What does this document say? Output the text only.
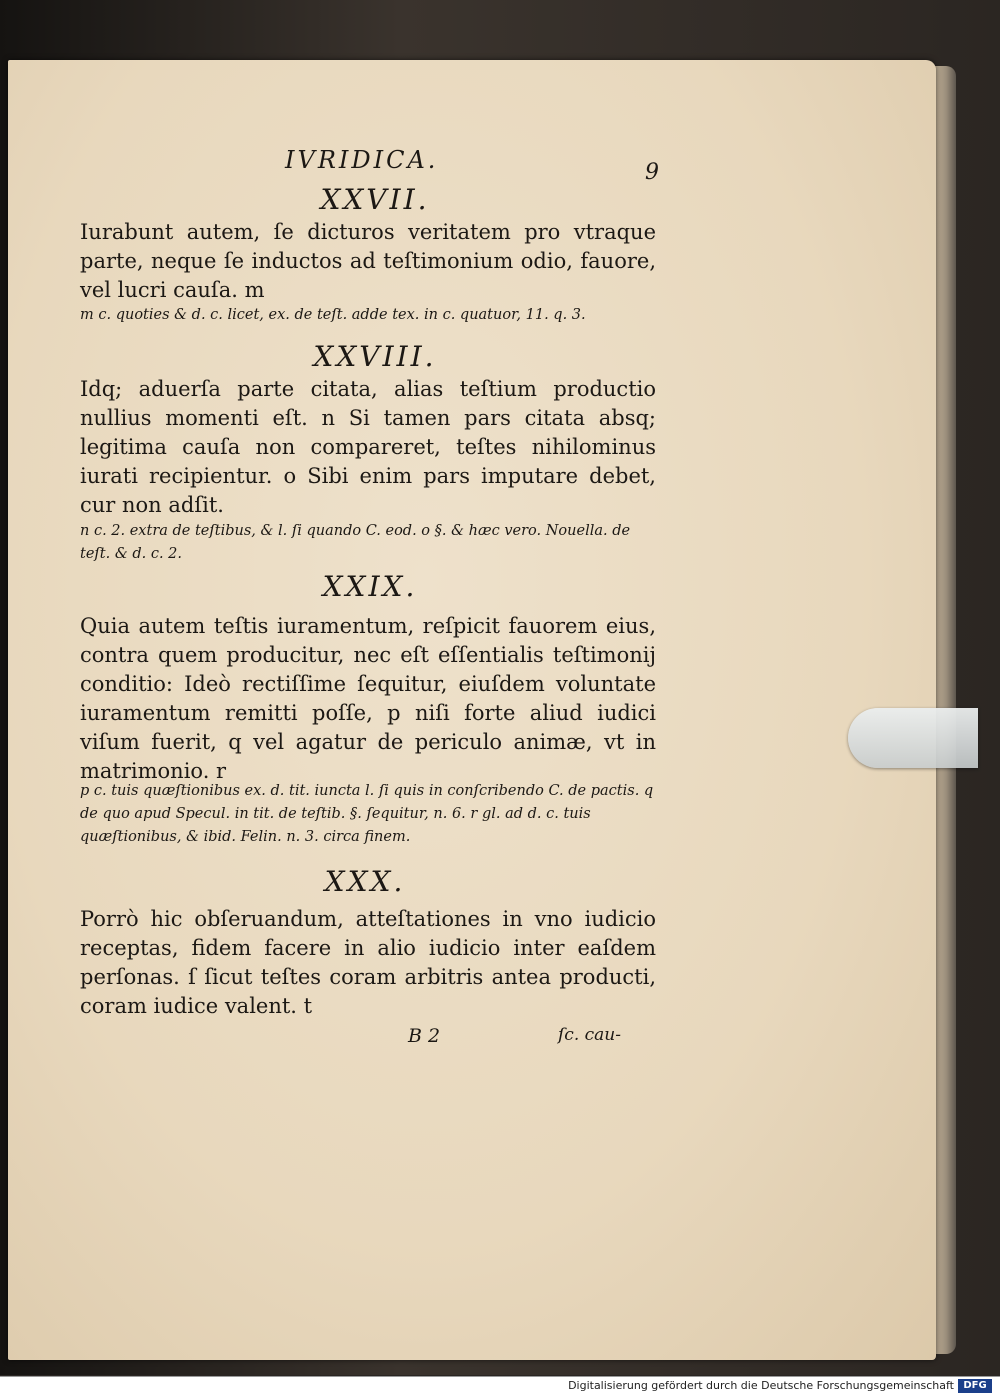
IVRIDICA.	9
XXVII.

Iurabunt autem, ſe dicturos veritatem pro vtraque parte, neque ſe inductos ad teſtimonium odio, fauore, vel lucri cauſa. m

m c. quoties & d. c. licet, ex. de teſt. adde tex. in c. quatuor, 11. q. 3.

XXVIII.

Idq; aduerſa parte citata, alias teſtium productio nullius momenti eſt. n Si tamen pars citata absq; legitima cauſa non compareret, teſtes nihilominus iurati recipientur. o Sibi enim pars imputare debet, cur non adſit.

n c. 2. extra de teſtibus, & l. ſi quando C. eod. o §. & hæc vero. Nouella. de teſt. & d. c. 2.

XXIX.

Quia autem teſtis iuramentum, reſpicit fauorem eius, contra quem producitur, nec eſt eſſentialis teſtimonij conditio: Ideò rectiſſime ſequitur, eiuſdem voluntate iuramentum remitti poſſe, p niſi forte aliud iudici viſum fuerit, q vel agatur de periculo animæ, vt in matrimonio. r

p c. tuis quæſtionibus ex. d. tit. iuncta l. ſi quis in conſcribendo C. de pactis. q de quo apud Specul. in tit. de teſtib. §. ſequitur, n. 6. r gl. ad d. c. tuis quæſtionibus, & ibid. Felin. n. 3. circa finem.

XXX.

Porrò hic obſeruandum, atteſtationes in vno iudicio receptas, fidem facere in alio iudicio inter eaſdem perſonas. ſ ſicut teſtes coram arbitris antea producti, coram iudice valent. t

B 2	ſc. cau-
Digitalisierung gefördert durch die Deutsche Forschungsgemeinschaft DFG
